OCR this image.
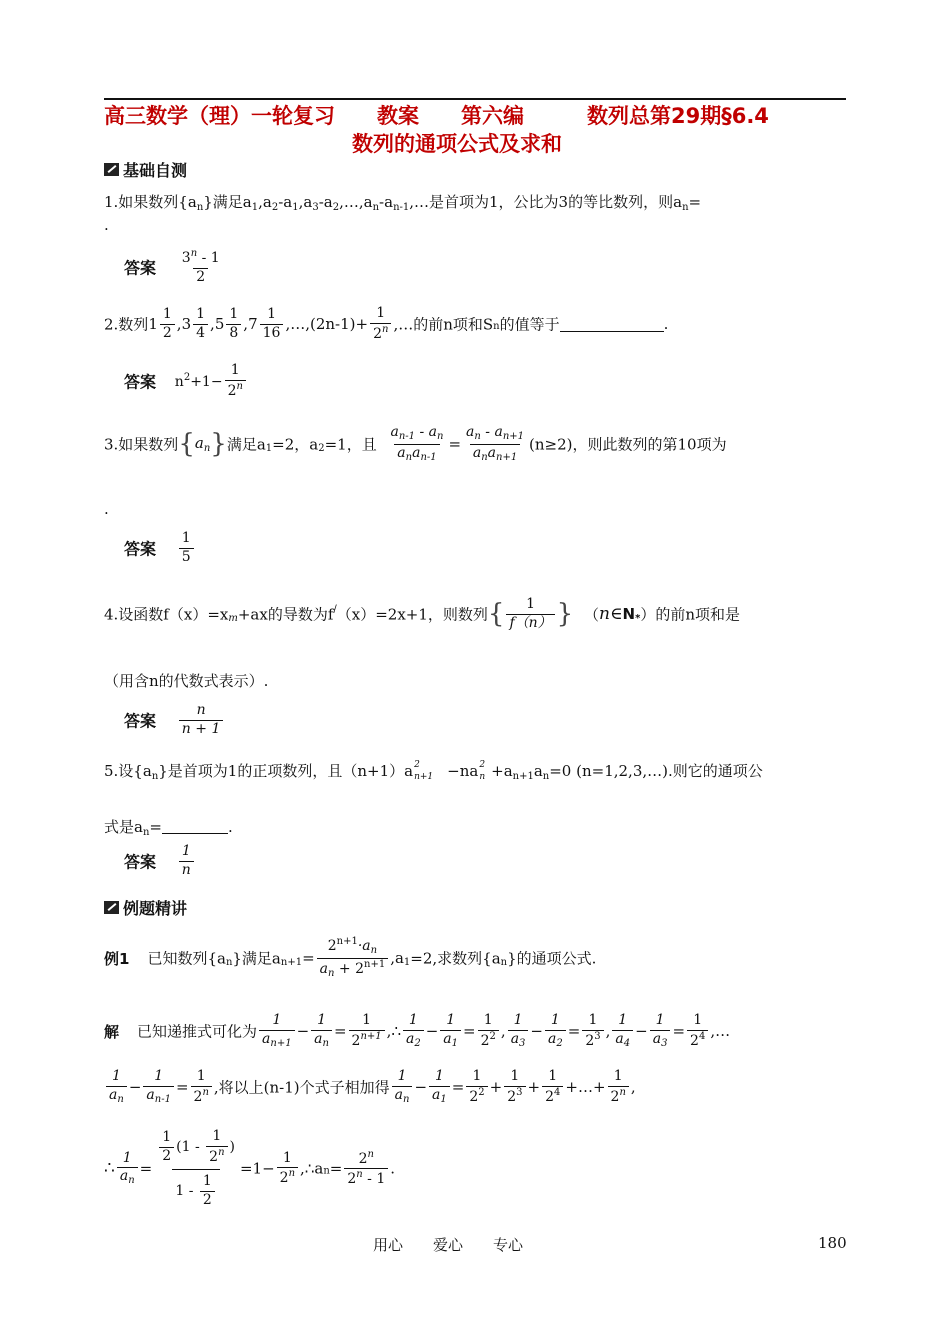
高三数学（理）一轮复习　　教案　　第六编　　　数列总第29期§6.4
数列的通项公式及求和
基础自测
1.如果数列$\{a_n\}$满足$a_1,a_2-a_1,a_3-a_2,\dots,a_n-a_{n-1},\dots$是首项为1，公比为3的等比数列，则$a_n=$
.
答案 $\frac{3^n - 1}{2}$
2.数列$1 \frac{1}{2} ,3 \frac{1}{4} ,5 \frac{1}{8} ,7 \frac{1}{16}$ ,…,(2n-1)+ $\frac{1}{2^n}$ ,…的前n项和Sn的值等于	.
答案 $n^2+1- \frac{1}{2^n}$
3.如果数列$\{a_n\}$满足$a_1=2$，$a_2=1$，且 $\frac{a_{n-1} - a_n}{a_na_{n-1}} = \frac{a_n - a_{n+1}}{a_na_{n+1}} (n\ge 2)$，则此数列的第10项为
.
答案 $\frac{1}{5}$
4.设函数$f(x)=x_m+ax$的导数为f/（x）=2x+1，则数列{ $\frac{1}{f(n)}$ } $(n\in N_*)$的前n项和是
（用含n的代数式表示）.
答案 $\frac{n}{n + 1}$
5.设$\{a_n\}$是首项为1的正项数列，且（n+1）a 2
n+1 −na 2
$n +a_{n+1}a_n=0$ (n=1,2,3,…).则它的通项公
式是$a_n=$	.
答案 $\frac{1}{n}$
例题精讲
例1 已知数列$\{a_n\}$满足$a_{n+1}= \frac{2^{n+1}\cdot a_n}{a_n + 2^{n+1}} ,a_1=2$,求数列$\{a_n\}$的通项公式.
解 已知递推式可化为 $\frac{1}{a_{n+1}} - \frac{1}{a_n} = \frac{1}{2^{n+1}}$ ,∴ $\frac{1}{a_2} - \frac{1}{a_1} = \frac{1}{2^2}$ , $\frac{1}{a_3} - \frac{1}{a_2} = \frac{1}{2^3}$ , $\frac{1}{a_4} - \frac{1}{a_3} = \frac{1}{2^4}$ ,…
$\frac{1}{a_n} - \frac{1}{a_{n-1}} = \frac{1}{2^n}$ ,将以上(n-1)个式子相加得 $\frac{1}{a_n} - \frac{1}{a_1} = \frac{1}{2^2} + \frac{1}{2^3} + \frac{1}{2^4}$ +…+ $\frac{1}{2^n}$ ,
∴ $\frac{1}{a_n} = \frac{\frac{1}{2} (1 - \frac{1}{2^n} )}{1 - \frac{1}{2}} =1- \frac{1}{2^n}$ ,∴an= $\frac{2^n}{2^n - 1}$ .
用心　　爱心　　专心	180
